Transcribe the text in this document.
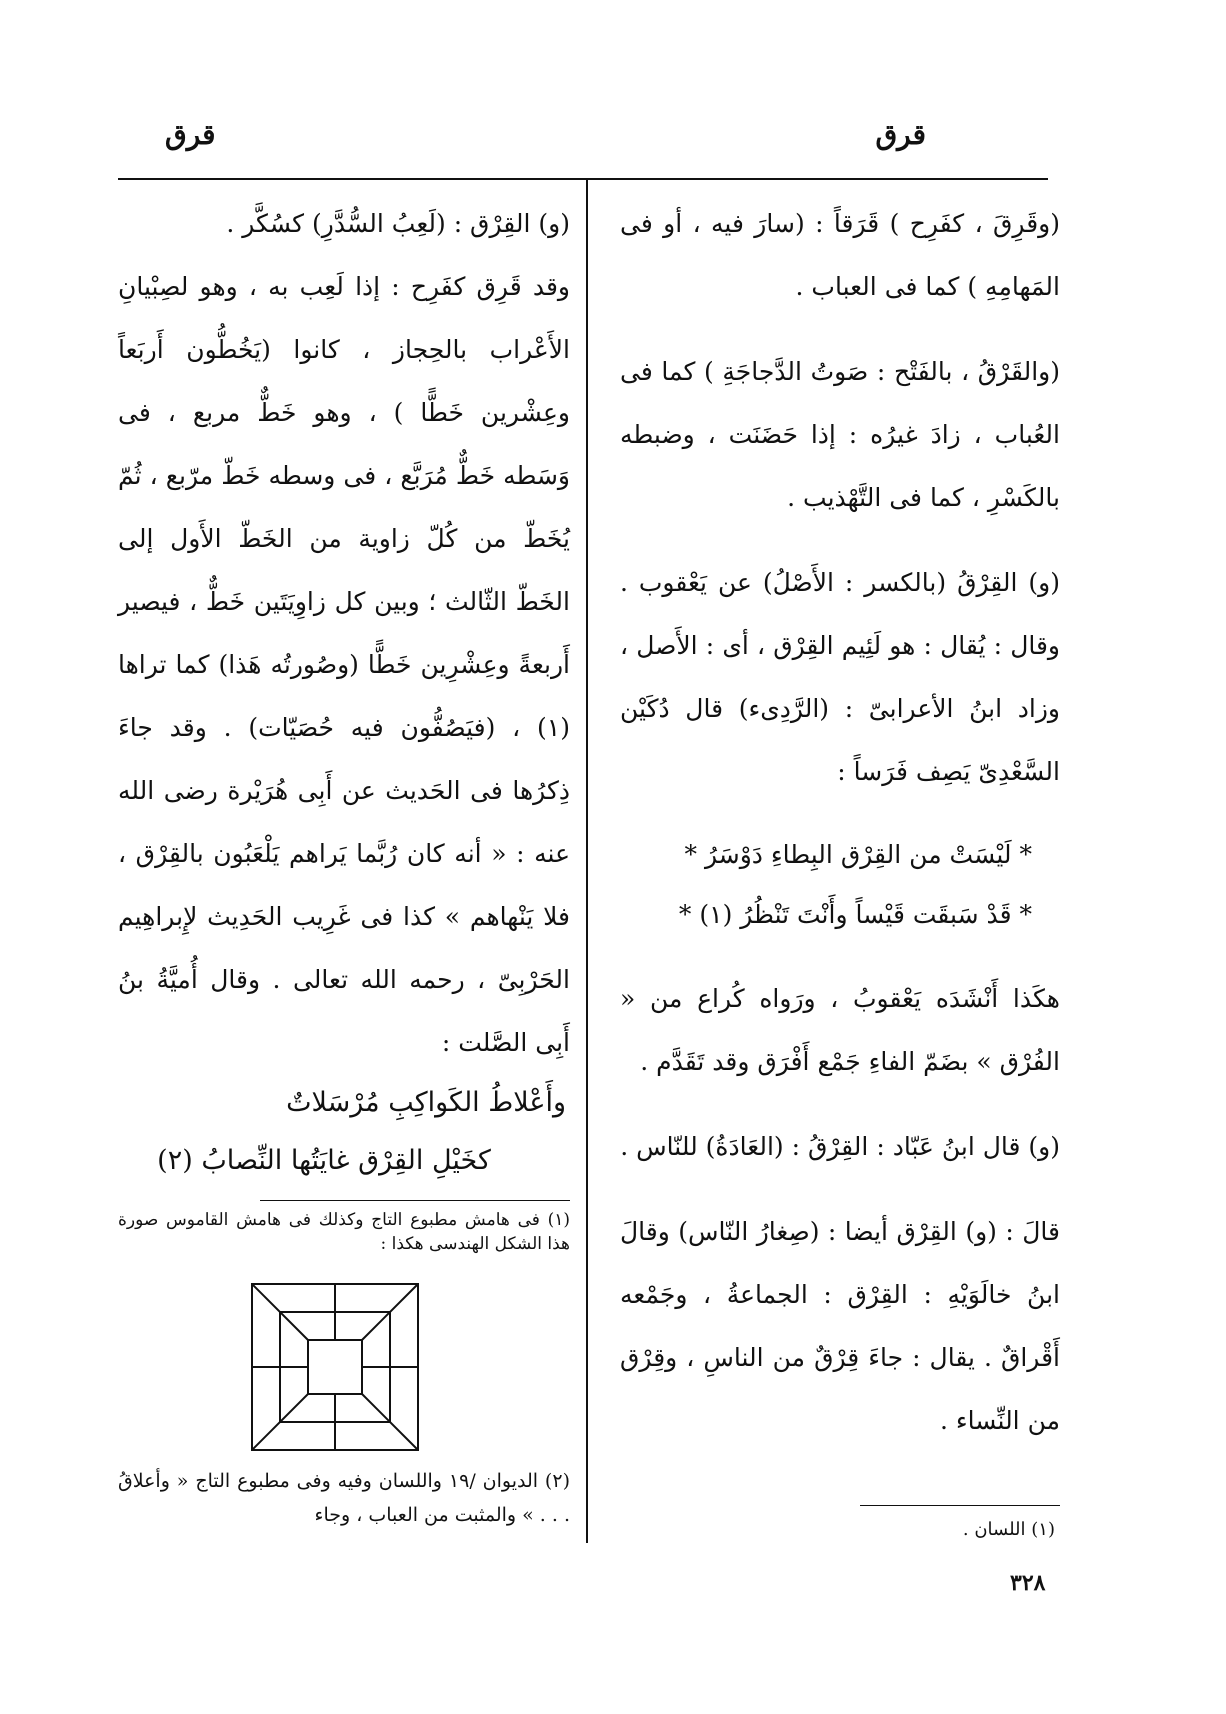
قرق
قرق

(وقَرِقَ ، كفَرِح ) قَرَقاً : (سارَ فيه ، أو فى المَهامِهِ ) كما فى العباب .

(والقَرْقُ ، بالفَتْح : صَوتُ الدَّجاجَةِ ) كما فى العُباب ، زادَ غيرُه : إذا حَضَنَت ، وضبطه بالكَسْرِ ، كما فى التَّهْذيب .

(و) القِرْقُ (بالكسر : الأَصْلُ) عن يَعْقوب . وقال : يُقال : هو لَئِيم القِرْق ، أى : الأَصل ، وزاد ابنُ الأعرابىّ : (الرَّدِىء) قال دُكَيْن السَّعْدِىّ يَصِف فَرَساً :

* لَيْسَتْ من القِرْق البِطاءِ دَوْسَرُ *

* قَدْ سَبقَت قَيْساً وأَنْتَ تَنْظُرُ (١) *

هكَذا أَنْشَدَه يَعْقوبُ ، ورَواه كُراع من « الفُرْق » بضَمّ الفاءِ جَمْع أَفْرَق وقد تَقَدَّم .

(و) قال ابنُ عَبّاد : القِرْقُ : (العَادَةُ) للنّاس .

قالَ : (و) القِرْق أيضا : (صِغارُ النّاس) وقالَ ابنُ خالَوَيْهِ : القِرْق : الجماعةُ ، وجَمْعه أَقْراقٌ . يقال : جاءَ قِرْقٌ من الناسِ ، وقِرْق من النِّساء .

(و) القِرْق : (لَعِبُ السُّدَّرِ) كسُكَّر .

وقد قَرِق كفَرِح : إذا لَعِب به ، وهو لصِبْيانِ الأَعْراب بالحِجاز ، كانوا (يَخُطُّون أَربَعاً وعِشْرين خَطًّا ) ، وهو خَطٌّ مربع ، فى وَسَطه خَطٌّ مُرَبَّع ، فى وسطه خَطّ مرّبع ، ثُمّ يُخَطّ من كُلّ زاوية من الخَطّ الأَول إلى الخَطّ الثّالث ؛ وبين كل زاوِيَتَين خَطٌّ ، فيصير أَربعةً وعِشْرِين خَطًّا (وصُورتُه هَذا) كما تراها (١) ، (فيَصُفُّون فيه حُصَيّات) . وقد جاءَ ذِكرُها فى الحَديث عن أَبِى هُرَيْرة رضى الله عنه : « أنه كان رُبَّما يَراهم يَلْعَبُون بالقِرْق ، فلا يَنْهاهم » كذا فى غَرِيب الحَدِيث لإِبراهِيم الحَرْبِىّ ، رحمه الله تعالى . وقال أُميَّةُ بنُ أَبِى الصَّلت :

وأَعْلاطُ الكَواكِبِ مُرْسَلاتٌ
كخَيْلِ القِرْق غايَتُها النِّصابُ (٢)
(١) فى هامش مطبوع التاج وكذلك فى هامش القاموس صورة هذا الشكل الهندسى هكذا :
(٢) الديوان /١٩ واللسان وفيه وفى مطبوع التاج « وأعلاقُ . . . » والمثبت من العباب ، وجاء
(١) اللسان .
٣٢٨
